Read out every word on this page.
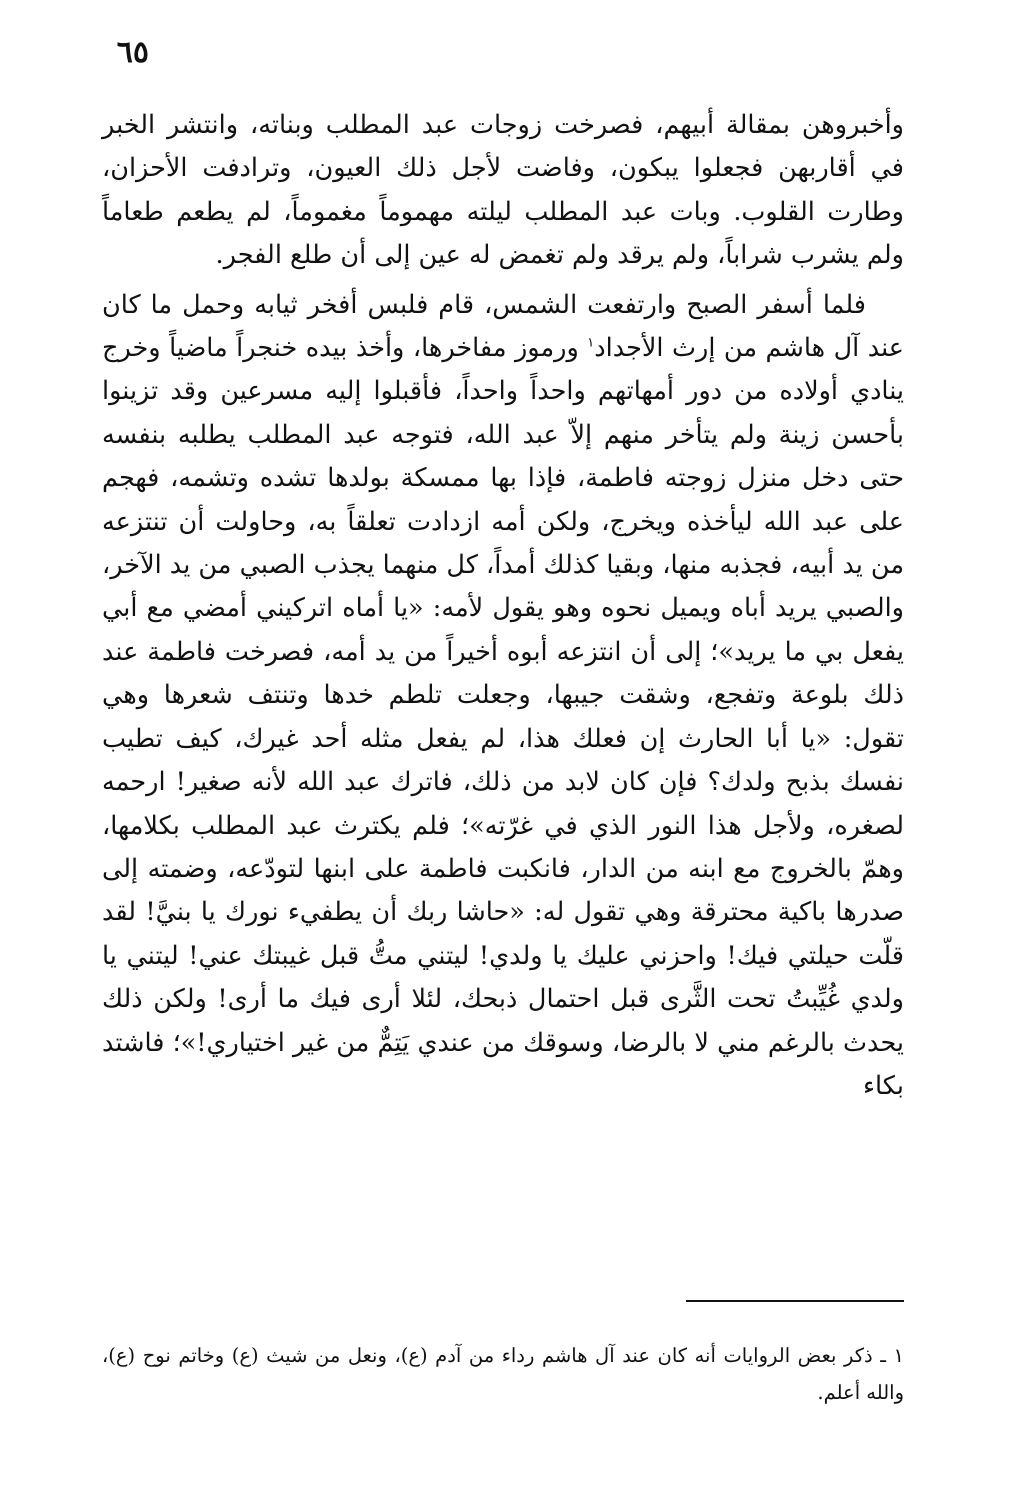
٦٥

وأخبروهن بمقالة أبيهم، فصرخت زوجات عبد المطلب وبناته، وانتشر الخبر في أقاربهن فجعلوا يبكون، وفاضت لأجل ذلك العيون، وترادفت الأحزان، وطارت القلوب. وبات عبد المطلب ليلته مهموماً مغموماً، لم يطعم طعاماً ولم يشرب شراباً، ولم يرقد ولم تغمض له عين إلى أن طلع الفجر.

فلما أسفر الصبح وارتفعت الشمس، قام فلبس أفخر ثيابه وحمل ما كان عند آل هاشم من إرث الأجداد$^١$ ورموز مفاخرها، وأخذ بيده خنجراً ماضياً وخرج ينادي أولاده من دور أمهاتهم واحداً واحداً، فأقبلوا إليه مسرعين وقد تزينوا بأحسن زينة ولم يتأخر منهم إلاّ عبد الله، فتوجه عبد المطلب يطلبه بنفسه حتى دخل منزل زوجته فاطمة، فإذا بها ممسكة بولدها تشده وتشمه، فهجم على عبد الله ليأخذه ويخرج، ولكن أمه ازدادت تعلقاً به، وحاولت أن تنتزعه من يد أبيه، فجذبه منها، وبقيا كذلك أمداً، كل منهما يجذب الصبي من يد الآخر، والصبي يريد أباه ويميل نحوه وهو يقول لأمه: «يا أماه اتركيني أمضي مع أبي يفعل بي ما يريد»؛ إلى أن انتزعه أبوه أخيراً من يد أمه، فصرخت فاطمة عند ذلك بلوعة وتفجع، وشقت جيبها، وجعلت تلطم خدها وتنتف شعرها وهي تقول: «يا أبا الحارث إن فعلك هذا، لم يفعل مثله أحد غيرك، كيف تطيب نفسك بذبح ولدك؟ فإن كان لابد من ذلك، فاترك عبد الله لأنه صغير! ارحمه لصغره، ولأجل هذا النور الذي في غرّته»؛ فلم يكترث عبد المطلب بكلامها، وهمّ بالخروج مع ابنه من الدار، فانكبت فاطمة على ابنها لتودّعه، وضمته إلى صدرها باكية محترقة وهي تقول له: «حاشا ربك أن يطفيء نورك يا بنيَّ! لقد قلّت حيلتي فيك! واحزني عليك يا ولدي! ليتني متُّ قبل غيبتك عني! ليتني يا ولدي غُيِّبتُ تحت الثَّرى قبل احتمال ذبحك، لئلا أرى فيك ما أرى! ولكن ذلك يحدث بالرغم مني لا بالرضا، وسوقك من عندي يَتِمٌّ من غير اختياري!»؛ فاشتد بكاء

١ ـ ذكر بعض الروايات أنه كان عند آل هاشم رداء من آدم (ع)، ونعل من شيث (ع) وخاتم نوح (ع)، والله أعلم.
